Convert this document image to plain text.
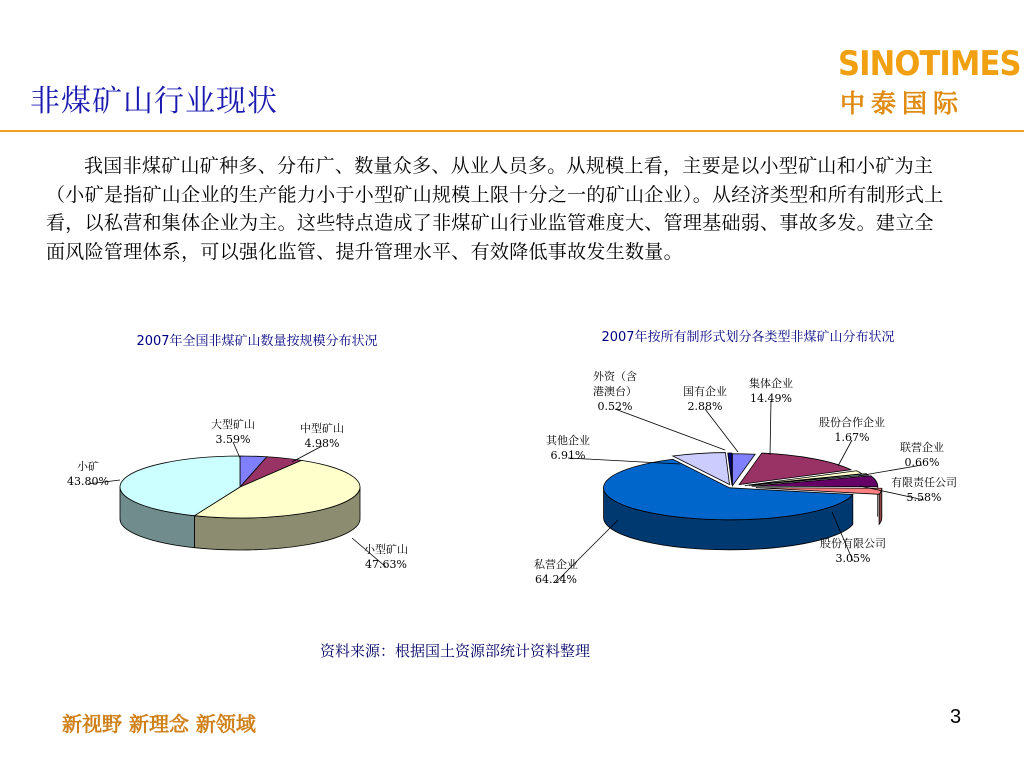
非煤矿山行业现状
SINOTIMES
中泰国际
我国非煤矿山矿种多、分布广、数量众多、从业人员多。从规模上看，主要是以小型矿山和小矿为主（小矿是指矿山企业的生产能力小于小型矿山规模上限十分之一的矿山企业）。从经济类型和所有制形式上看，以私营和集体企业为主。这些特点造成了非煤矿山行业监管难度大、管理基础弱、事故多发。建立全面风险管理体系，可以强化监管、提升管理水平、有效降低事故发生数量。
2007年全国非煤矿山数量按规模分布状况
大型矿山
3.59%
中型矿山
4.98%
小型矿山
47.63%
小矿
43.80%
2007年按所有制形式划分各类型非煤矿山分布状况
国有企业
2.88%
集体企业
14.49%
股份合作企业
1.67%
联营企业
0.66%
有限责任公司
5.58%
股份有限公司
3.05%
私营企业
64.24%
其他企业
6.91%
外资（含
港澳台）
0.52%
资料来源：根据国土资源部统计资料整理
新视野 新理念 新领域	3
